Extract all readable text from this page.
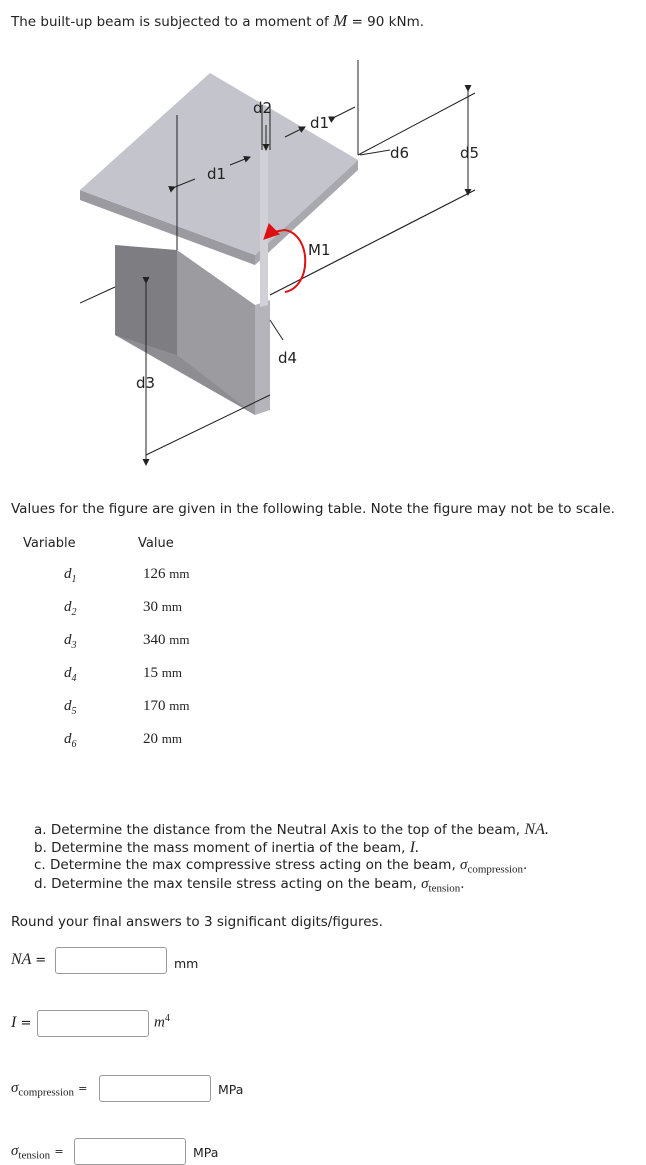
The built-up beam is subjected to a moment of M = 90 kNm.
d2
d1
d1
d6	d5
M1
d4
d3
Values for the figure are given in the following table. Note the figure may not be to scale.
Variable	Value
$d_1$	126 mm
$d_2$	30 mm
$d_3$	340 mm
$d_4$	15 mm
$d_5$	170 mm
$d_6$	20 mm
a. Determine the distance from the Neutral Axis to the top of the beam, NA.
b. Determine the mass moment of inertia of the beam, I.
c. Determine the max compressive stress acting on the beam, $\sigma_{compression}$.
d. Determine the max tensile stress acting on the beam, $\sigma_{tension}$.
Round your final answers to 3 significant digits/figures.
NA =	mm
I =	$m^4$
$\sigma_{compression}$ =	MPa
$\sigma_{tension}$ =	MPa
